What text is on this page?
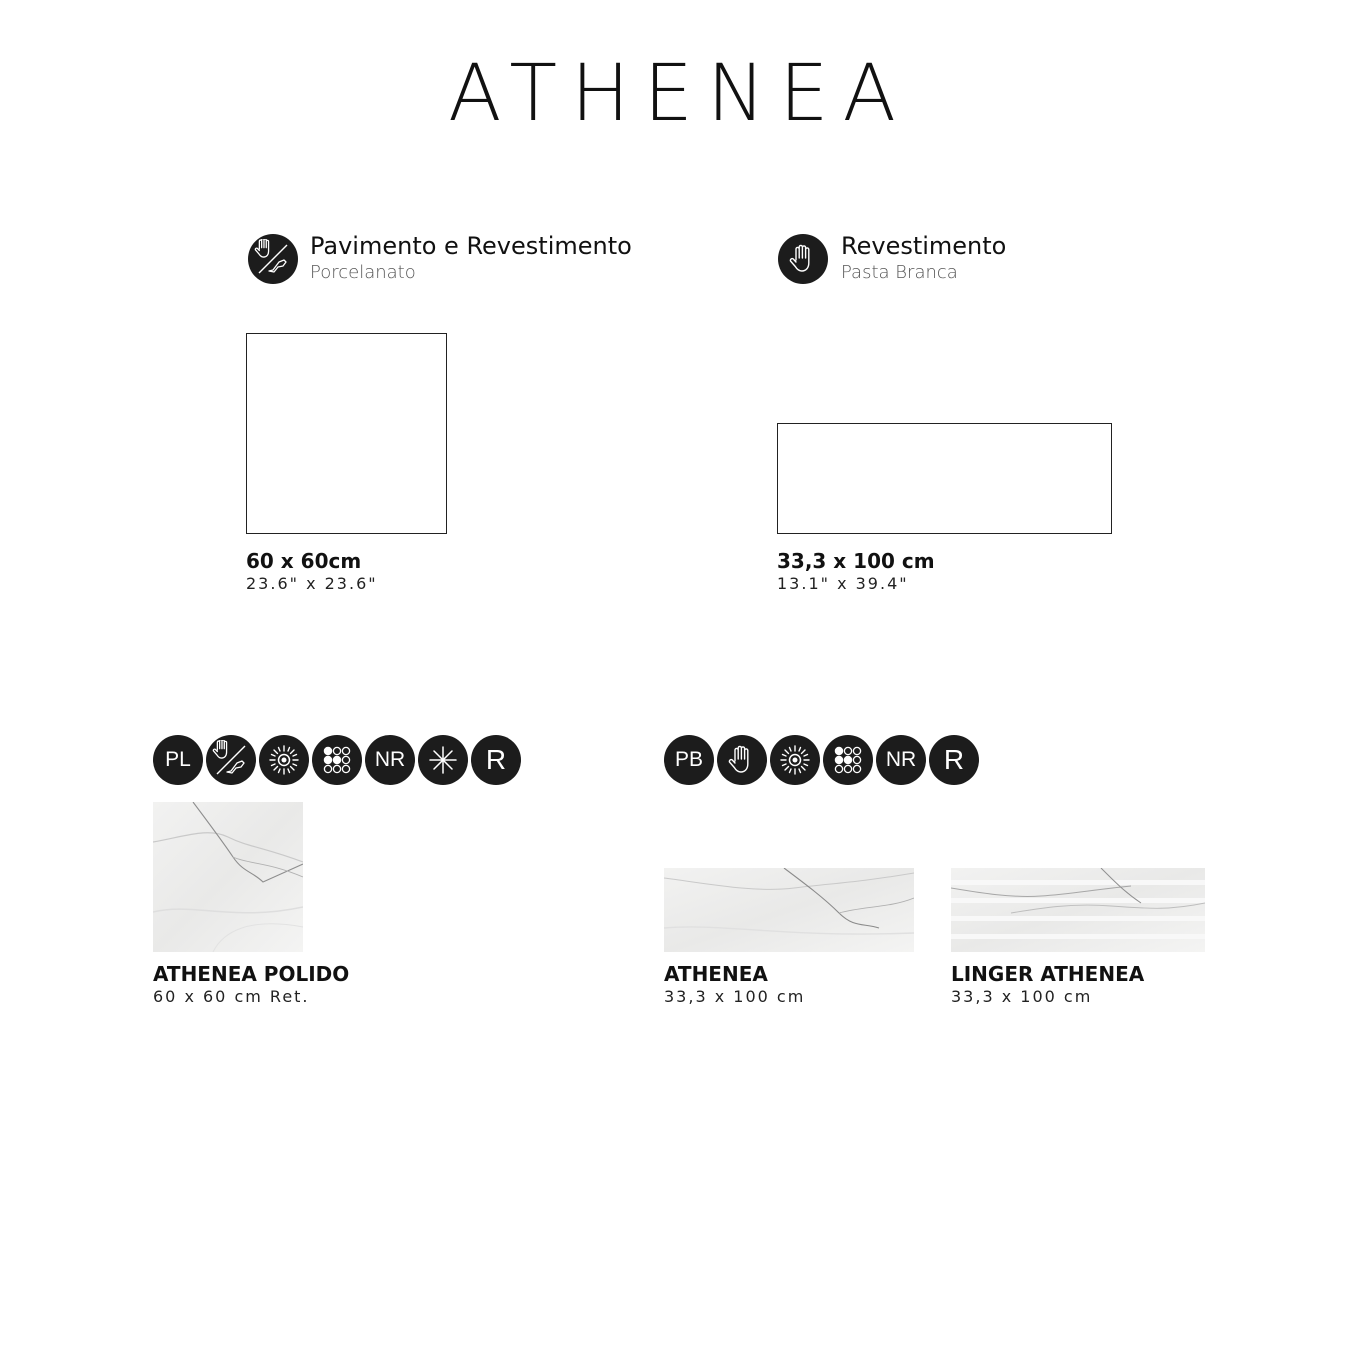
ATHENEA
Pavimento e Revestimento
Porcelanato
Revestimento
Pasta Branca
60 x 60cm
23.6" x 23.6"
33,3 x 100 cm
13.1" x 39.4"
PL	NR	R	PB	NR R
ATHENEA POLIDO
60 x 60 cm Ret.
ATHENEA
33,3 x 100 cm
LINGER ATHENEA
33,3 x 100 cm
